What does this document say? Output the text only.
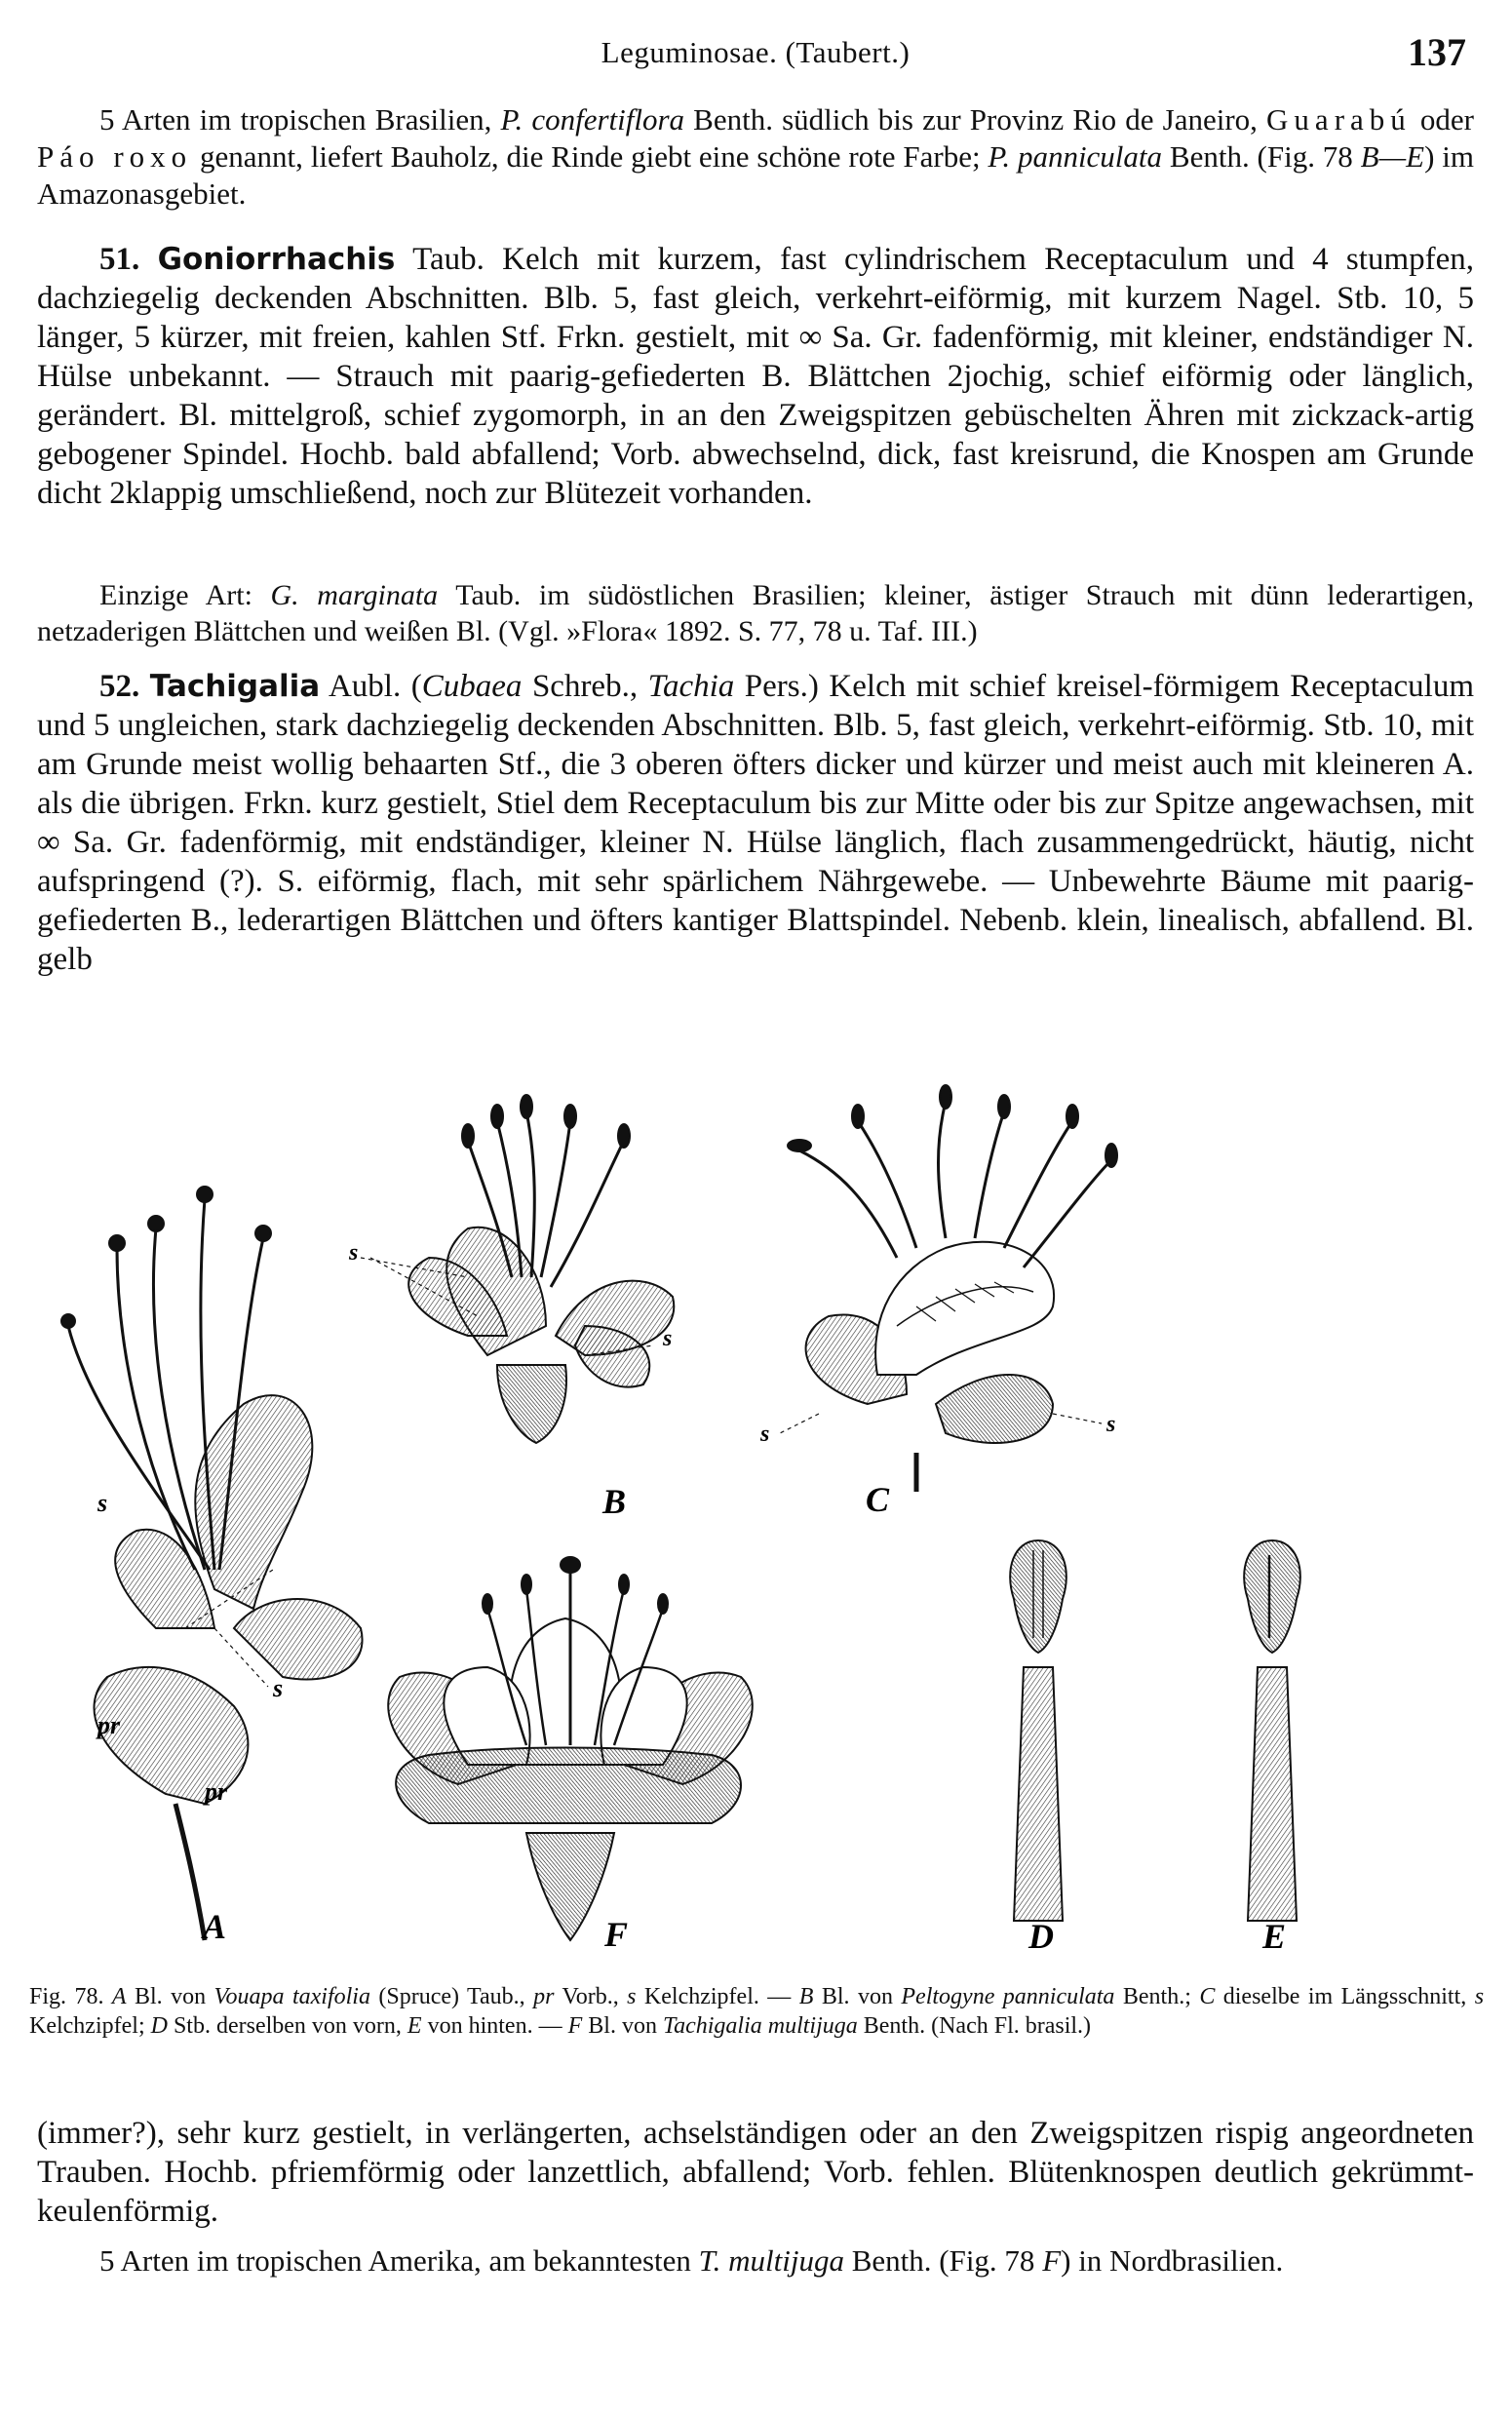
Leguminosae. (Taubert.)	137

5 Arten im tropischen Brasilien, P. confertiflora Benth. südlich bis zur Provinz Rio de Janeiro, Guarabú oder Páo roxo genannt, liefert Bauholz, die Rinde giebt eine schöne rote Farbe; P. panniculata Benth. (Fig. 78 B—E) im Amazonasgebiet.

51. Goniorrhachis Taub. Kelch mit kurzem, fast cylindrischem Receptaculum und 4 stumpfen, dachziegelig deckenden Abschnitten. Blb. 5, fast gleich, verkehrt-eiförmig, mit kurzem Nagel. Stb. 10, 5 länger, 5 kürzer, mit freien, kahlen Stf. Frkn. gestielt, mit ∞ Sa. Gr. fadenförmig, mit kleiner, endständiger N. Hülse unbekannt. — Strauch mit paarig-gefiederten B. Blättchen 2jochig, schief eiförmig oder länglich, gerändert. Bl. mittelgroß, schief zygomorph, in an den Zweigspitzen gebüschelten Ähren mit zickzack-artig gebogener Spindel. Hochb. bald abfallend; Vorb. abwechselnd, dick, fast kreisrund, die Knospen am Grunde dicht 2klappig umschließend, noch zur Blütezeit vorhanden.

Einzige Art: G. marginata Taub. im südöstlichen Brasilien; kleiner, ästiger Strauch mit dünn lederartigen, netzaderigen Blättchen und weißen Bl. (Vgl. »Flora« 1892. S. 77, 78 u. Taf. III.)

52. Tachigalia Aubl. (Cubaea Schreb., Tachia Pers.) Kelch mit schief kreisel-förmigem Receptaculum und 5 ungleichen, stark dachziegelig deckenden Abschnitten. Blb. 5, fast gleich, verkehrt-eiförmig. Stb. 10, mit am Grunde meist wollig behaarten Stf., die 3 oberen öfters dicker und kürzer und meist auch mit kleineren A. als die übrigen. Frkn. kurz gestielt, Stiel dem Receptaculum bis zur Mitte oder bis zur Spitze angewachsen, mit ∞ Sa. Gr. fadenförmig, mit endständiger, kleiner N. Hülse länglich, flach zusammengedrückt, häutig, nicht aufspringend (?). S. eiförmig, flach, mit sehr spärlichem Nährgewebe. — Unbewehrte Bäume mit paarig-gefiederten B., lederartigen Blättchen und öfters kantiger Blattspindel. Nebenb. klein, linealisch, abfallend. Bl. gelb

s
s
pr
pr
A
s
s
B
s	s
C
F	D	E
Fig. 78. A Bl. von Vouapa taxifolia (Spruce) Taub., pr Vorb., s Kelchzipfel. — B Bl. von Peltogyne panniculata Benth.; C dieselbe im Längsschnitt, s Kelchzipfel; D Stb. derselben von vorn, E von hinten. — F Bl. von Tachigalia multijuga Benth. (Nach Fl. brasil.)

(immer?), sehr kurz gestielt, in verlängerten, achselständigen oder an den Zweigspitzen rispig angeordneten Trauben. Hochb. pfriemförmig oder lanzettlich, abfallend; Vorb. fehlen. Blütenknospen deutlich gekrümmt-keulenförmig.

5 Arten im tropischen Amerika, am bekanntesten T. multijuga Benth. (Fig. 78 F) in Nordbrasilien.
